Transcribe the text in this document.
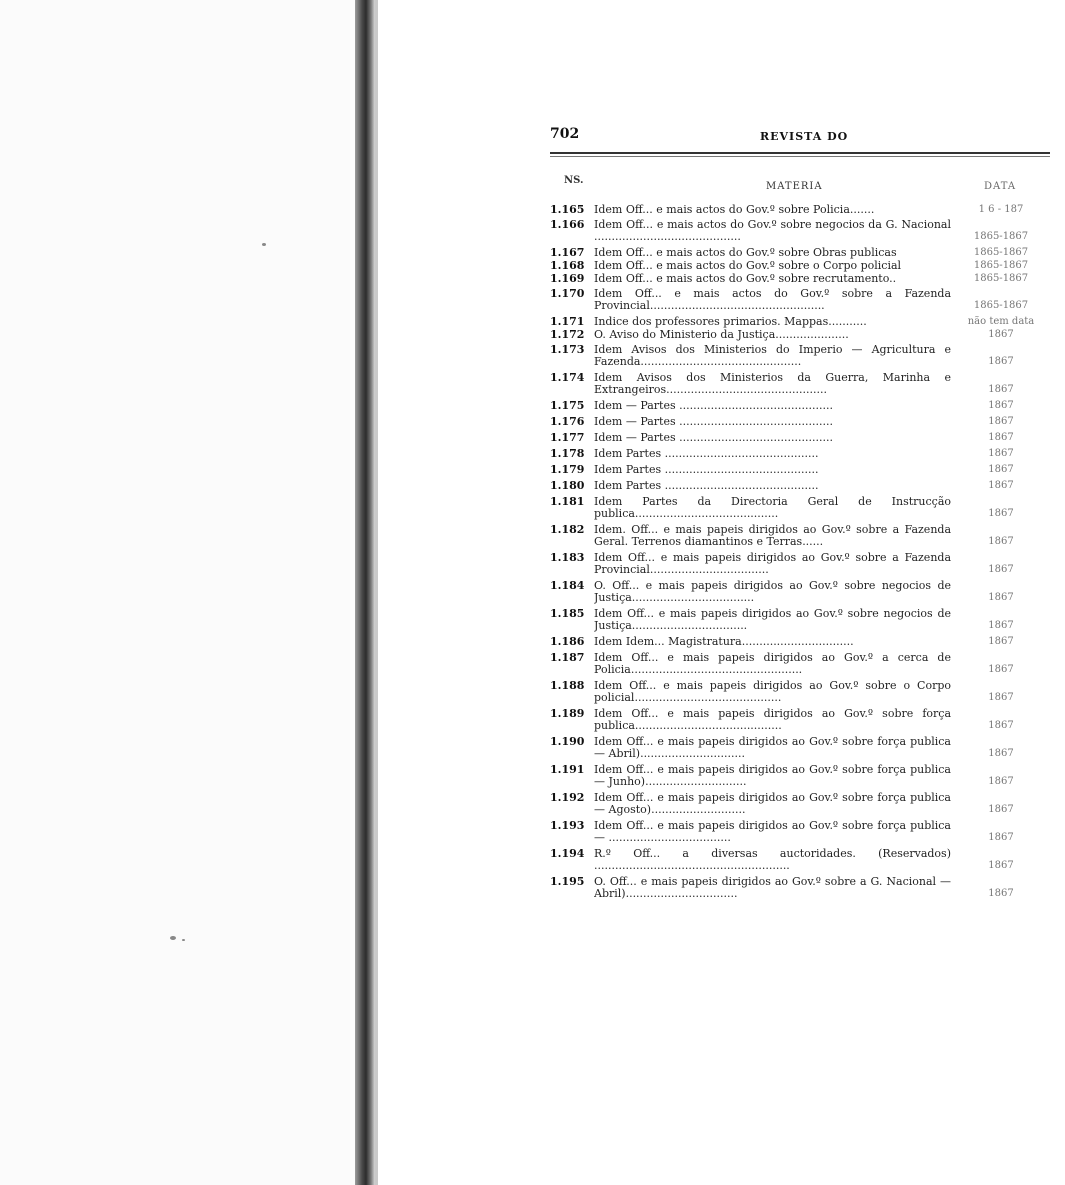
702	REVISTA DO
NS.
MATERIA	DATA
1.165 Idem Off... e mais actos do Gov.º sobre Policia.......	1 6 - 187
1.166 Idem Off... e mais actos do Gov.º sobre negocios da G. Nacional ..........................................	1865-1867
1.167 Idem Off... e mais actos do Gov.º sobre Obras publicas	1865-1867
1.168 Idem Off... e mais actos do Gov.º sobre o Corpo policial	1865-1867
1.169 Idem Off... e mais actos do Gov.º sobre recrutamento..	1865-1867
1.170 Idem Off... e mais actos do Gov.º sobre a Fazenda Provincial..................................................	1865-1867
1.171 Indice dos professores primarios. Mappas...........	não tem data
1.172 O. Aviso do Ministerio da Justiça.....................	1867
1.173 Idem Avisos dos Ministerios do Imperio — Agricultura e Fazenda..............................................	1867
1.174 Idem Avisos dos Ministerios da Guerra, Marinha e Extrangeiros..............................................	1867
1.175 Idem — Partes ............................................	1867
1.176 Idem — Partes ............................................	1867
1.177 Idem — Partes ............................................	1867
1.178 Idem Partes ............................................	1867
1.179 Idem Partes ............................................	1867
1.180 Idem Partes ............................................	1867
1.181 Idem Partes da Directoria Geral de Instrucção publica.........................................	1867
1.182 Idem. Off... e mais papeis dirigidos ao Gov.º sobre a Fazenda Geral. Terrenos diamantinos e Terras......	1867
1.183 Idem Off... e mais papeis dirigidos ao Gov.º sobre a Fazenda Provincial..................................	1867
1.184 O. Off... e mais papeis dirigidos ao Gov.º sobre negocios de Justiça...................................	1867
1.185 Idem Off... e mais papeis dirigidos ao Gov.º sobre negocios de Justiça.................................	1867
1.186 Idem Idem... Magistratura................................	1867
1.187 Idem Off... e mais papeis dirigidos ao Gov.º a cerca de Policia.................................................	1867
1.188 Idem Off... e mais papeis dirigidos ao Gov.º sobre o Corpo policial..........................................	1867
1.189 Idem Off... e mais papeis dirigidos ao Gov.º sobre força publica..........................................	1867
1.190 Idem Off... e mais papeis dirigidos ao Gov.º sobre força publica — Abril)..............................	1867
1.191 Idem Off... e mais papeis dirigidos ao Gov.º sobre força publica — Junho).............................	1867
1.192 Idem Off... e mais papeis dirigidos ao Gov.º sobre força publica — Agosto)...........................	1867
1.193 Idem Off... e mais papeis dirigidos ao Gov.º sobre força publica — ...................................	1867
1.194 R.º Off... a diversas auctoridades. (Reservados) ........................................................	1867
1.195 O. Off... e mais papeis dirigidos ao Gov.º sobre a G. Nacional — Abril)................................	1867
